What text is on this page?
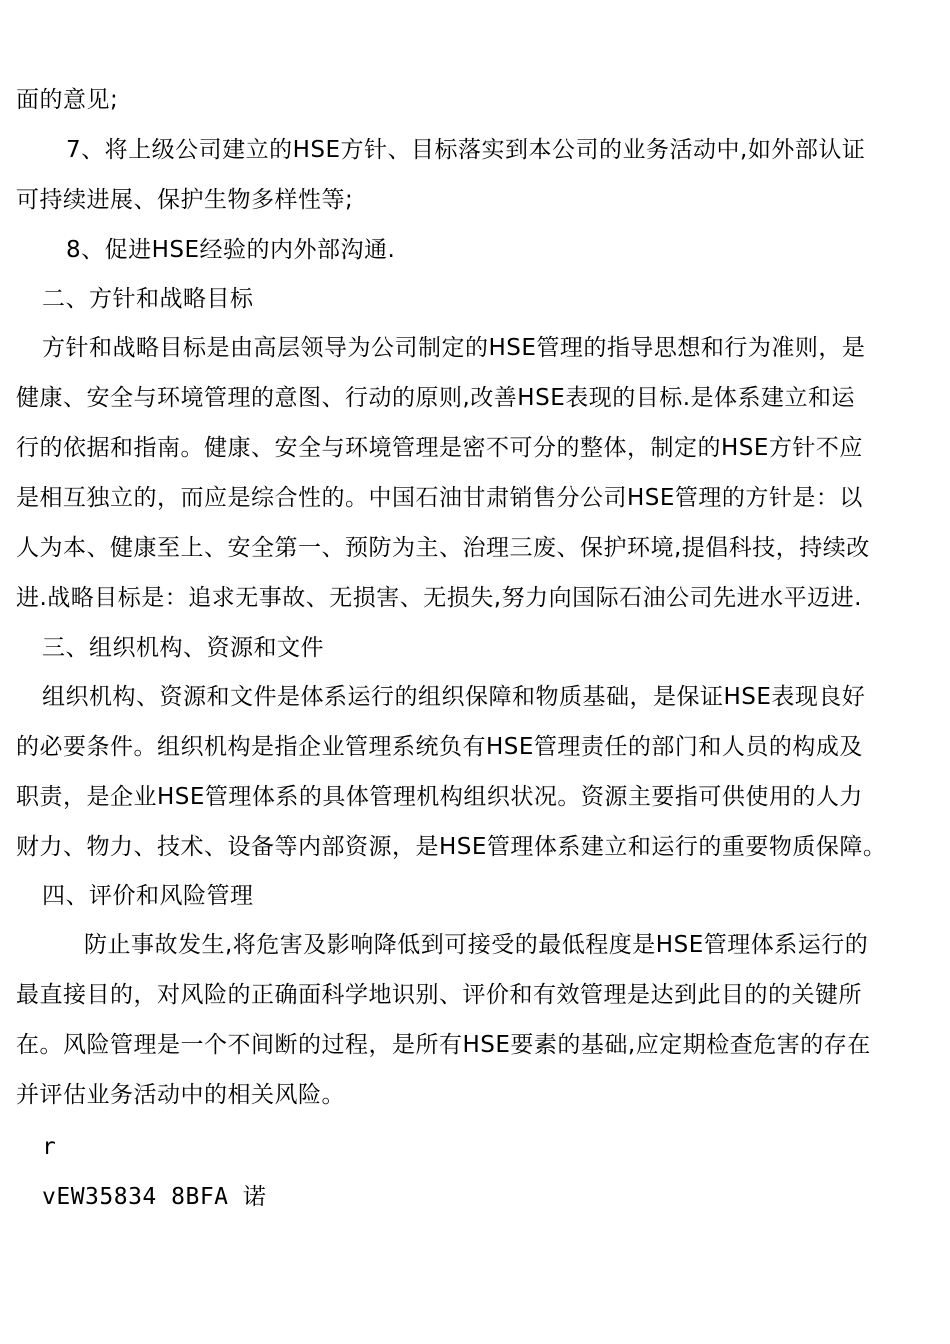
面的意见;
7、将上级公司建立的HSE方针、目标落实到本公司的业务活动中,如外部认证
可持续进展、保护生物多样性等;
8、促进HSE经验的内外部沟通.
二、方针和战略目标
方针和战略目标是由高层领导为公司制定的HSE管理的指导思想和行为准则，是
健康、安全与环境管理的意图、行动的原则,改善HSE表现的目标.是体系建立和运
行的依据和指南。健康、安全与环境管理是密不可分的整体，制定的HSE方针不应
是相互独立的，而应是综合性的。中国石油甘肃销售分公司HSE管理的方针是：以
人为本、健康至上、安全第一、预防为主、治理三废、保护环境,提倡科技，持续改
进.战略目标是：追求无事故、无损害、无损失,努力向国际石油公司先进水平迈进.
三、组织机构、资源和文件
组织机构、资源和文件是体系运行的组织保障和物质基础，是保证HSE表现良好
的必要条件。组织机构是指企业管理系统负有HSE管理责任的部门和人员的构成及
职责，是企业HSE管理体系的具体管理机构组织状况。资源主要指可供使用的人力
财力、物力、技术、设备等内部资源，是HSE管理体系建立和运行的重要物质保障。
四、评价和风险管理
防止事故发生,将危害及影响降低到可接受的最低程度是HSE管理体系运行的
最直接目的，对风险的正确面科学地识别、评价和有效管理是达到此目的的关键所
在。风险管理是一个不间断的过程，是所有HSE要素的基础,应定期检查危害的存在
并评估业务活动中的相关风险。
r
vEW35834 8BFA 诺
